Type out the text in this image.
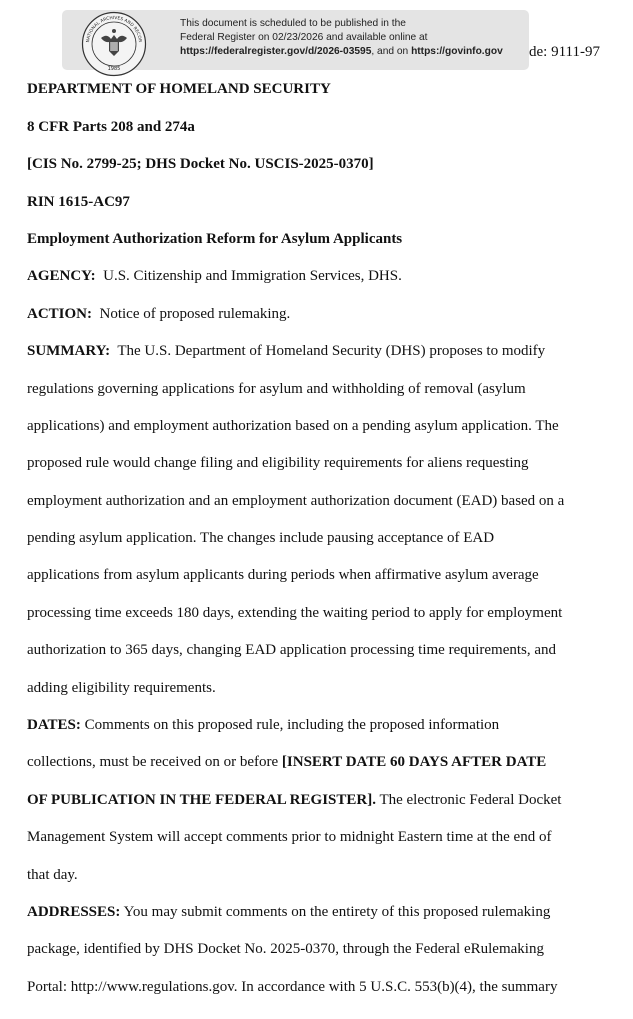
NATIONAL ARCHIVES AND RECOR
1985
This document is scheduled to be published in the
Federal Register on 02/23/2026 and available online at
https://federalregister.gov/d/2026-03595, and on https://govinfo.gov	de: 9111-97
DEPARTMENT OF HOMELAND SECURITY
8 CFR Parts 208 and 274a
[CIS No. 2799-25; DHS Docket No. USCIS-2025-0370]
RIN 1615-AC97
Employment Authorization Reform for Asylum Applicants
AGENCY: U.S. Citizenship and Immigration Services, DHS.
ACTION: Notice of proposed rulemaking.
SUMMARY: The U.S. Department of Homeland Security (DHS) proposes to modify
regulations governing applications for asylum and withholding of removal (asylum
applications) and employment authorization based on a pending asylum application. The
proposed rule would change filing and eligibility requirements for aliens requesting
employment authorization and an employment authorization document (EAD) based on a
pending asylum application. The changes include pausing acceptance of EAD
applications from asylum applicants during periods when affirmative asylum average
processing time exceeds 180 days, extending the waiting period to apply for employment
authorization to 365 days, changing EAD application processing time requirements, and
adding eligibility requirements.
DATES: Comments on this proposed rule, including the proposed information
collections, must be received on or before [INSERT DATE 60 DAYS AFTER DATE
OF PUBLICATION IN THE FEDERAL REGISTER]. The electronic Federal Docket
Management System will accept comments prior to midnight Eastern time at the end of
that day.
ADDRESSES: You may submit comments on the entirety of this proposed rulemaking
package, identified by DHS Docket No. 2025-0370, through the Federal eRulemaking
Portal: http://www.regulations.gov. In accordance with 5 U.S.C. 553(b)(4), the summary
